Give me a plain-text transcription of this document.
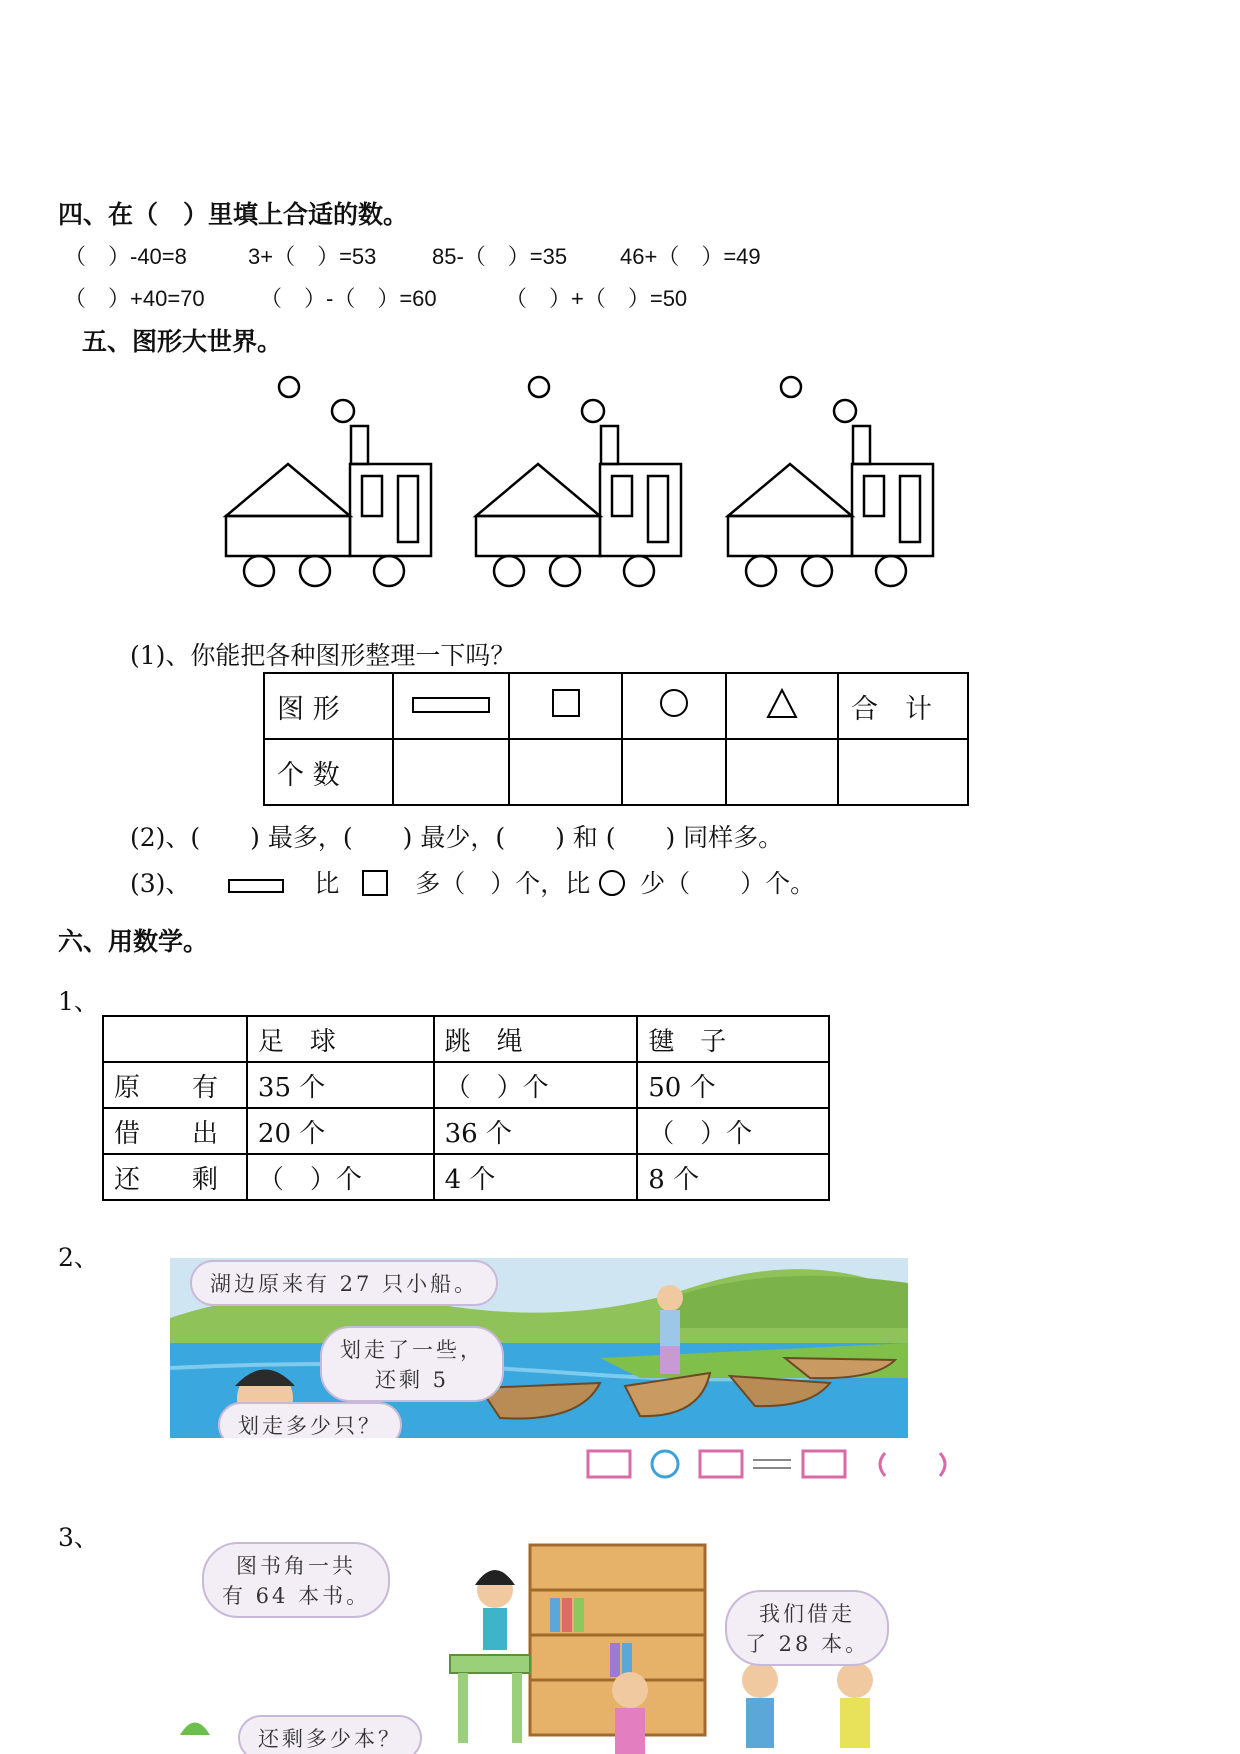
四、在（　）里填上合适的数。
（　）-40=8	3+（　）=53	85-（　）=35 46+（　）=49
（　）+40=70	（　）-（　）=60	（　）+（　）=50
五、图形大世界。
(1)、你能把各种图形整理一下吗？
图 形					合　计
个 数					
(2)、(　　) 最多，(　　) 最少，(　　) 和 (　　) 同样多。
(3)、	比	多（　）个，比 少（　　）个。
六、用数学。
1、
	足　球	跳　绳	毽　子
原　　有	35 个	（　）个	50 个
借　　出	20 个	36 个	（　）个
还　　剩	（　）个	4 个	8 个
2、
湖边原来有 27 只小船。
划走了一些，
还剩 5
划走多少只？
3、
图书角一共
有 64 本书。
我们借走
了 28 本。
还剩多少本？
